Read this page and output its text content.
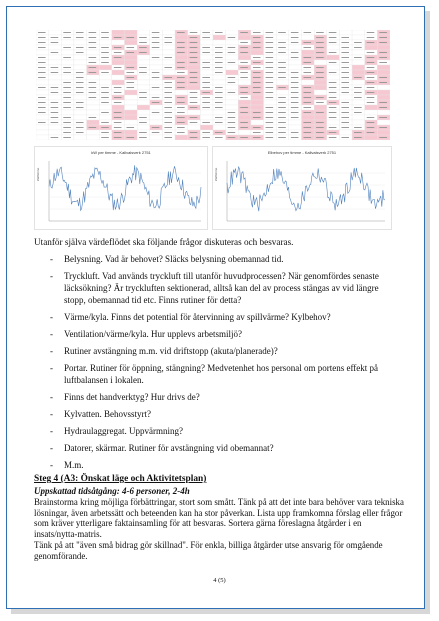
kW per timme - Kallvalsverk 2751
kW/timme
Elbehov per timme - Kallvalsverk 2751
kW/timme
Utanför själva värdeflödet ska följande frågor diskuteras och besvaras.
- Belysning. Vad är behovet? Släcks belysning obemannad tid.
- Tryckluft. Vad används tryckluft till utanför huvudprocessen? När genomfördes senaste läcksökning? Är tryckluften sektionerad, alltså kan del av process stängas av vid längre stopp, obemannad tid etc. Finns rutiner för detta?
- Värme/kyla. Finns det potential för återvinning av spillvärme? Kylbehov?
- Ventilation/värme/kyla. Hur upplevs arbetsmiljö?
- Rutiner avstängning m.m. vid driftstopp (akuta/planerade)?
- Portar. Rutiner för öppning, stängning? Medvetenhet hos personal om portens effekt på luftbalansen i lokalen.
- Finns det handverktyg? Hur drivs de?
- Kylvatten. Behovsstyrt?
- Hydraulaggregat. Uppvärmning?
- Datorer, skärmar. Rutiner för avstängning vid obemannat?
- M.m.
Steg 4 (A3: Önskat läge och Aktivitetsplan)
Uppskattad tidsåtgång: 4-6 personer, 2-4h
Brainstorma kring möjliga förbättringar, stort som smått. Tänk på att det inte bara behöver vara tekniska lösningar, även arbetssätt och beteenden kan ha stor påverkan. Lista upp framkomna förslag eller frågor som kräver ytterligare faktainsamling för att besvaras. Sortera gärna föreslagna åtgärder i en insats/nytta-matris.
Tänk på att "även små bidrag gör skillnad". För enkla, billiga åtgärder utse ansvarig för omgående genomförande.
4 (5)
